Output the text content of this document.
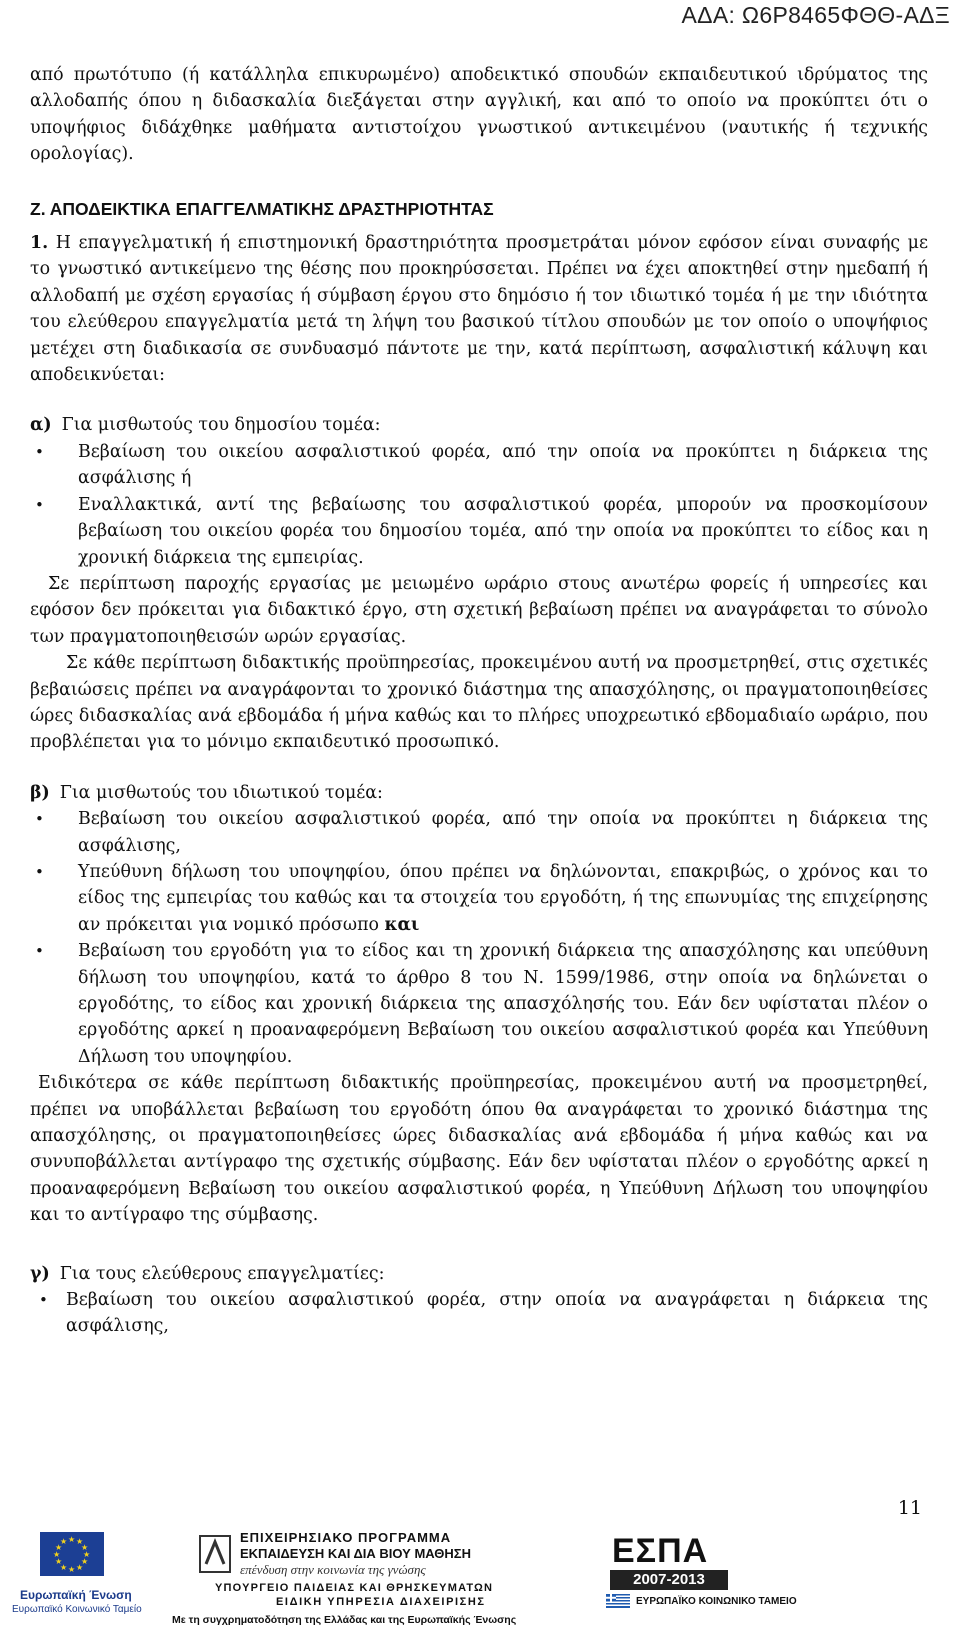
ΑΔΑ: Ω6Ρ8465ΦΘΘ-ΑΔΞ

από πρωτότυπο (ή κατάλληλα επικυρωμένο) αποδεικτικό σπουδών εκπαιδευτικού ιδρύματος της αλλοδαπής όπου η διδασκαλία διεξάγεται στην αγγλική, και από το οποίο να προκύπτει ότι ο υποψήφιος διδάχθηκε μαθήματα αντιστοίχου γνωστικού αντικειμένου (ναυτικής ή τεχνικής ορολογίας).

Ζ. ΑΠΟΔΕΙΚΤΙΚΑ ΕΠΑΓΓΕΛΜΑΤΙΚΗΣ ΔΡΑΣΤΗΡΙΟΤΗΤΑΣ

1. Η επαγγελματική ή επιστημονική δραστηριότητα προσμετράται μόνον εφόσον είναι συναφής με το γνωστικό αντικείμενο της θέσης που προκηρύσσεται. Πρέπει να έχει αποκτηθεί στην ημεδαπή ή αλλοδαπή με σχέση εργασίας ή σύμβαση έργου στο δημόσιο ή τον ιδιωτικό τομέα ή με την ιδιότητα του ελεύθερου επαγγελματία μετά τη λήψη του βασικού τίτλου σπουδών με τον οποίο ο υποψήφιος μετέχει στη διαδικασία σε συνδυασμό πάντοτε με την, κατά περίπτωση, ασφαλιστική κάλυψη και αποδεικνύεται:

α) Για μισθωτούς του δημοσίου τομέα:

• Βεβαίωση του οικείου ασφαλιστικού φορέα, από την οποία να προκύπτει η διάρκεια της ασφάλισης ή
• Εναλλακτικά, αντί της βεβαίωσης του ασφαλιστικού φορέα, μπορούν να προσκομίσουν βεβαίωση του οικείου φορέα του δημοσίου τομέα, από την οποία να προκύπτει το είδος και η χρονική διάρκεια της εμπειρίας.

Σε περίπτωση παροχής εργασίας με μειωμένο ωράριο στους ανωτέρω φορείς ή υπηρεσίες και εφόσον δεν πρόκειται για διδακτικό έργο, στη σχετική βεβαίωση πρέπει να αναγράφεται το σύνολο των πραγματοποιηθεισών ωρών εργασίας.

Σε κάθε περίπτωση διδακτικής προϋπηρεσίας, προκειμένου αυτή να προσμετρηθεί, στις σχετικές βεβαιώσεις πρέπει να αναγράφονται το χρονικό διάστημα της απασχόλησης, οι πραγματοποιηθείσες ώρες διδασκαλίας ανά εβδομάδα ή μήνα καθώς και το πλήρες υποχρεωτικό εβδομαδιαίο ωράριο, που προβλέπεται για το μόνιμο εκπαιδευτικό προσωπικό.

β) Για μισθωτούς του ιδιωτικού τομέα:

• Βεβαίωση του οικείου ασφαλιστικού φορέα, από την οποία να προκύπτει η διάρκεια της ασφάλισης,
• Υπεύθυνη δήλωση του υποψηφίου, όπου πρέπει να δηλώνονται, επακριβώς, ο χρόνος και το είδος της εμπειρίας του καθώς και τα στοιχεία του εργοδότη, ή της επωνυμίας της επιχείρησης αν πρόκειται για νομικό πρόσωπο και
• Βεβαίωση του εργοδότη για το είδος και τη χρονική διάρκεια της απασχόλησης και υπεύθυνη δήλωση του υποψηφίου, κατά το άρθρο 8 του Ν. 1599/1986, στην οποία να δηλώνεται ο εργοδότης, το είδος και χρονική διάρκεια της απασχόλησής του. Εάν δεν υφίσταται πλέον ο εργοδότης αρκεί η προαναφερόμενη Βεβαίωση του οικείου ασφαλιστικού φορέα και Υπεύθυνη Δήλωση του υποψηφίου.

Ειδικότερα σε κάθε περίπτωση διδακτικής προϋπηρεσίας, προκειμένου αυτή να προσμετρηθεί, πρέπει να υποβάλλεται βεβαίωση του εργοδότη όπου θα αναγράφεται το χρονικό διάστημα της απασχόλησης, οι πραγματοποιηθείσες ώρες διδασκαλίας ανά εβδομάδα ή μήνα καθώς και να συνυποβάλλεται αντίγραφο της σχετικής σύμβασης. Εάν δεν υφίσταται πλέον ο εργοδότης αρκεί η προαναφερόμενη Βεβαίωση του οικείου ασφαλιστικού φορέα, η Υπεύθυνη Δήλωση του υποψηφίου και το αντίγραφο της σύμβασης.

γ) Για τους ελεύθερους επαγγελματίες:

• Βεβαίωση του οικείου ασφαλιστικού φορέα, στην οποία να αναγράφεται η διάρκεια της ασφάλισης,
11
★ ★
★
★
★
★
★
★
★
★
★
★
Ευρωπαϊκή Ένωση
Ευρωπαϊκό Κοινωνικό Ταμείο
ΕΠΙΧΕΙΡΗΣΙΑΚΟ ΠΡΟΓΡΑΜΜΑ
ΕΚΠΑΙΔΕΥΣΗ ΚΑΙ ΔΙΑ ΒΙΟΥ ΜΑΘΗΣΗ
επένδυση στην κοινωνία της γνώσης
ΥΠΟΥΡΓΕΙΟ ΠΑΙΔΕΙΑΣ ΚΑΙ ΘΡΗΣΚΕΥΜΑΤΩΝ
ΕΙΔΙΚΗ ΥΠΗΡΕΣΙΑ ΔΙΑΧΕΙΡΙΣΗΣ
Με τη συγχρηματοδότηση της Ελλάδας και της Ευρωπαϊκής Ένωσης
ΕΣΠΑ
2007-2013
ΕΥΡΩΠΑΪΚΟ ΚΟΙΝΩΝΙΚΟ ΤΑΜΕΙΟ
